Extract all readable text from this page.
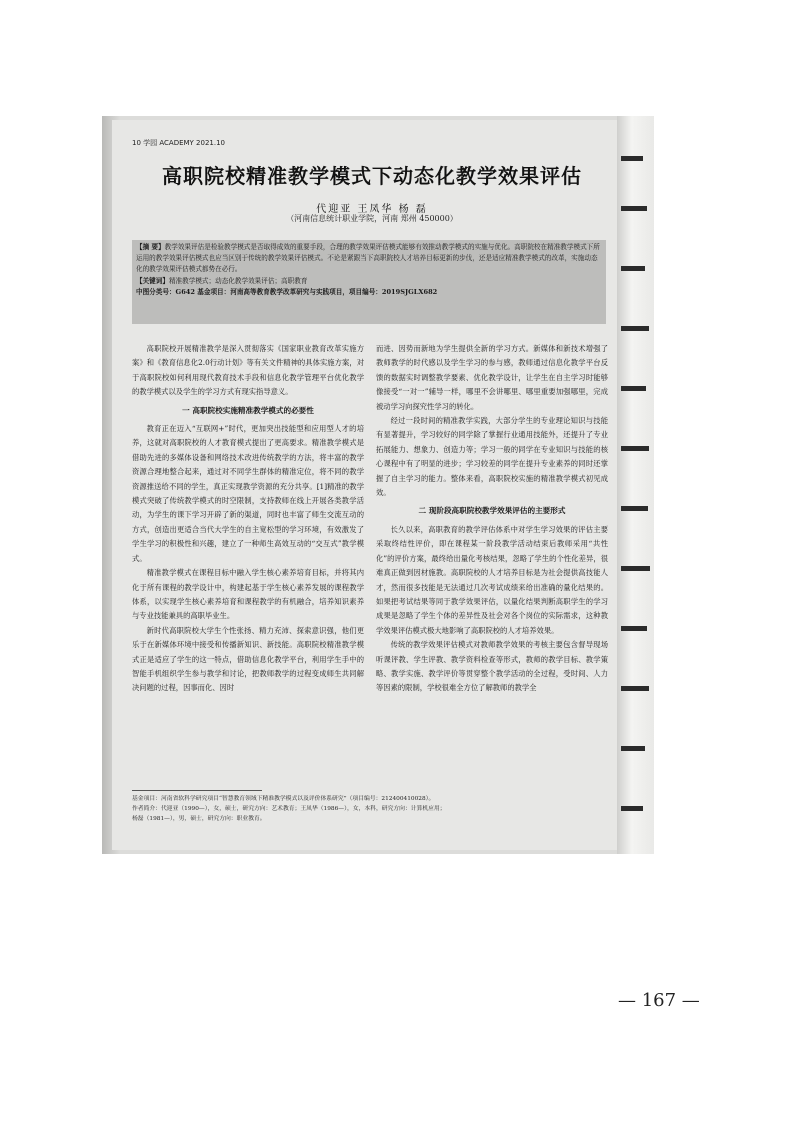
10 学园 ACADEMY 2021.10
高职院校精准教学模式下动态化教学效果评估
代迎亚 王凤华 杨 磊
（河南信息统计职业学院，河南 郑州 450000）

【摘 要】教学效果评估是检验教学模式是否取得成效的重要手段，合理的教学效果评估模式能够有效推动教学模式的实施与优化。高职院校在精准教学模式下所运用的教学效果评估模式也应当区别于传统的教学效果评估模式。不论是紧跟当下高职院校人才培养目标更新的步伐，还是适应精准教学模式的改革，实施动态化的教学效果评估模式都势在必行。

【关键词】精准教学模式；动态化教学效果评估；高职教育

中图分类号：G642 基金项目：河南高等教育教学改革研究与实践项目，项目编号：2019SJGLX682

高职院校开展精准教学是深入贯彻落实《国家职业教育改革实施方案》和《教育信息化2.0行动计划》等有关文件精神的具体实施方案，对于高职院校如何利用现代教育技术手段和信息化教学管理平台优化教学的教学模式以及学生的学习方式有现实指导意义。

一 高职院校实施精准教学模式的必要性

教育正在迈入“互联网+”时代，更加突出技能型和应用型人才的培养，这就对高职院校的人才教育模式提出了更高要求。精准教学模式是借助先进的多媒体设备和网络技术改进传统教学的方法，将丰富的教学资源合理地整合起来，通过对不同学生群体的精准定位，将不同的教学资源推送给不同的学生，真正实现教学资源的充分共享。[1]精准的教学模式突破了传统教学模式的时空限制，支持教师在线上开展各类教学活动，为学生的课下学习开辟了新的渠道，同时也丰富了师生交流互动的方式，创造出更适合当代大学生的自主宽松型的学习环境，有效激发了学生学习的积极性和兴趣，建立了一种师生高效互动的“交互式”教学模式。

精准教学模式在课程目标中融入学生核心素养培育目标，并将其内化于所有课程的教学设计中，构建起基于学生核心素养发展的课程教学体系，以实现学生核心素养培育和课程教学的有机融合，培养知识素养与专业技能兼具的高职毕业生。

新时代高职院校大学生个性张扬、精力充沛、探索意识强，他们更乐于在新媒体环境中接受和传播新知识、新技能。高职院校精准教学模式正是适应了学生的这一特点，借助信息化教学平台，利用学生手中的智能手机组织学生参与教学和讨论，把教师教学的过程变成师生共同解决问题的过程，因事而化、因时

而进、因势而新地为学生提供全新的学习方式。新媒体和新技术增强了教师教学的时代感以及学生学习的参与感，教师通过信息化教学平台反馈的数据实时调整教学要素、优化教学设计，让学生在自主学习时能够像接受“一对一”辅导一样，哪里不会讲哪里、哪里重要加强哪里，完成被动学习向探究性学习的转化。

经过一段时间的精准教学实践，大部分学生的专业理论知识与技能有显著提升，学习较好的同学除了掌握行业通用技能外，还提升了专业拓展能力、想象力、创造力等；学习一般的同学在专业知识与技能的核心课程中有了明显的进步；学习较差的同学在提升专业素养的同时还掌握了自主学习的能力。整体来看，高职院校实施的精准教学模式初见成效。

二 现阶段高职院校教学效果评估的主要形式

长久以来，高职教育的教学评估体系中对学生学习效果的评估主要采取终结性评价，即在课程某一阶段教学活动结束后教师采用“共性化”的评价方案，最终给出量化考核结果，忽略了学生的个性化差异，很难真正做到因材施教。高职院校的人才培养目标是为社会提供高技能人才，然而很多技能是无法通过几次考试成绩来给出准确的量化结果的。如果把考试结果等同于教学效果评估，以量化结果判断高职学生的学习成果是忽略了学生个体的差异性及社会对各个岗位的实际需求，这种教学效果评估模式极大地影响了高职院校的人才培养效果。

传统的教学效果评估模式对教师教学效果的考核主要包含督导现场听课评教、学生评教、教学资料检查等形式，教师的教学目标、教学策略、教学实施、教学评价等贯穿整个教学活动的全过程，受时间、人力等因素的限制，学校很难全方位了解教师的教学全

基金项目：河南省软科学研究项目“智慧教育领域下精准教学模式以及评价体系研究”（项目编号：212400410028）。

作者简介：代迎亚（1990—），女，硕士，研究方向：艺术教育；王凤华（1986—），女，本科，研究方向：计算机应用；

杨磊（1981—），男，硕士，研究方向：职业教育。

— 167 —
